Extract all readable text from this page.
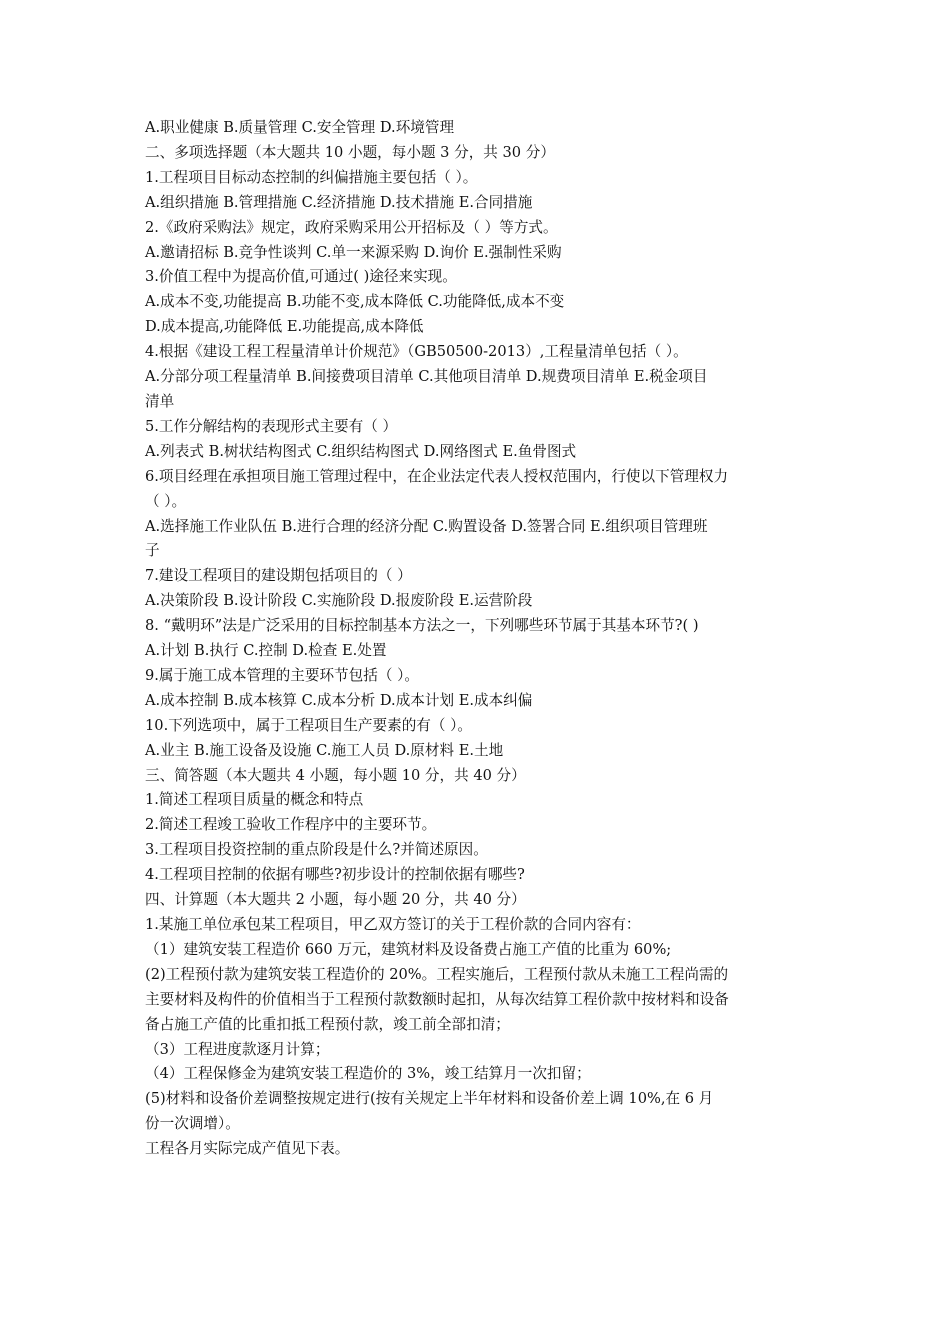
A.职业健康 B.质量管理 C.安全管理 D.环境管理
二、多项选择题（本大题共 10 小题，每小题 3 分，共 30 分）
1.工程项目目标动态控制的纠偏措施主要包括（ ）。
A.组织措施 B.管理措施 C.经济措施 D.技术措施 E.合同措施
2.《政府采购法》规定，政府采购采用公开招标及（ ）等方式。
A.邀请招标 B.竞争性谈判 C.单一来源采购 D.询价 E.强制性采购
3.价值工程中为提高价值,可通过( )途径来实现。
A.成本不变,功能提高 B.功能不变,成本降低 C.功能降低,成本不变
D.成本提高,功能降低 E.功能提高,成本降低
4.根据《建设工程工程量清单计价规范》（GB50500-2013）,工程量清单包括（ ）。
A.分部分项工程量清单 B.间接费项目清单 C.其他项目清单 D.规费项目清单 E.税金项目
清单
5.工作分解结构的表现形式主要有（ ）
A.列表式 B.树状结构图式 C.组织结构图式 D.网络图式 E.鱼骨图式
6.项目经理在承担项目施工管理过程中，在企业法定代表人授权范围内，行使以下管理权力
（ ）。
A.选择施工作业队伍 B.进行合理的经济分配 C.购置设备 D.签署合同 E.组织项目管理班
子
7.建设工程项目的建设期包括项目的（ ）
A.决策阶段 B.设计阶段 C.实施阶段 D.报废阶段 E.运营阶段
8. “戴明环”法是广泛采用的目标控制基本方法之一，下列哪些环节属于其基本环节?( )
A.计划 B.执行 C.控制 D.检查 E.处置
9.属于施工成本管理的主要环节包括（ ）。
A.成本控制 B.成本核算 C.成本分析 D.成本计划 E.成本纠偏
10.下列选项中，属于工程项目生产要素的有（ ）。
A.业主 B.施工设备及设施 C.施工人员 D.原材料 E.土地
三、简答题（本大题共 4 小题，每小题 10 分，共 40 分）
1.简述工程项目质量的概念和特点
2.简述工程竣工验收工作程序中的主要环节。
3.工程项目投资控制的重点阶段是什么?并简述原因。
4.工程项目控制的依据有哪些?初步设计的控制依据有哪些?
四、计算题（本大题共 2 小题，每小题 20 分，共 40 分）
1.某施工单位承包某工程项目，甲乙双方签订的关于工程价款的合同内容有：
（1）建筑安装工程造价 660 万元，建筑材料及设备费占施工产值的比重为 60%;
(2)工程预付款为建筑安装工程造价的 20%。工程实施后，工程预付款从未施工工程尚需的
主要材料及构件的价值相当于工程预付款数额时起扣，从每次结算工程价款中按材料和设备
备占施工产值的比重扣抵工程预付款，竣工前全部扣清；
（3）工程进度款逐月计算；
（4）工程保修金为建筑安装工程造价的 3%，竣工结算月一次扣留；
(5)材料和设备价差调整按规定进行(按有关规定上半年材料和设备价差上调 10%,在 6 月
份一次调增）。
工程各月实际完成产值见下表。
